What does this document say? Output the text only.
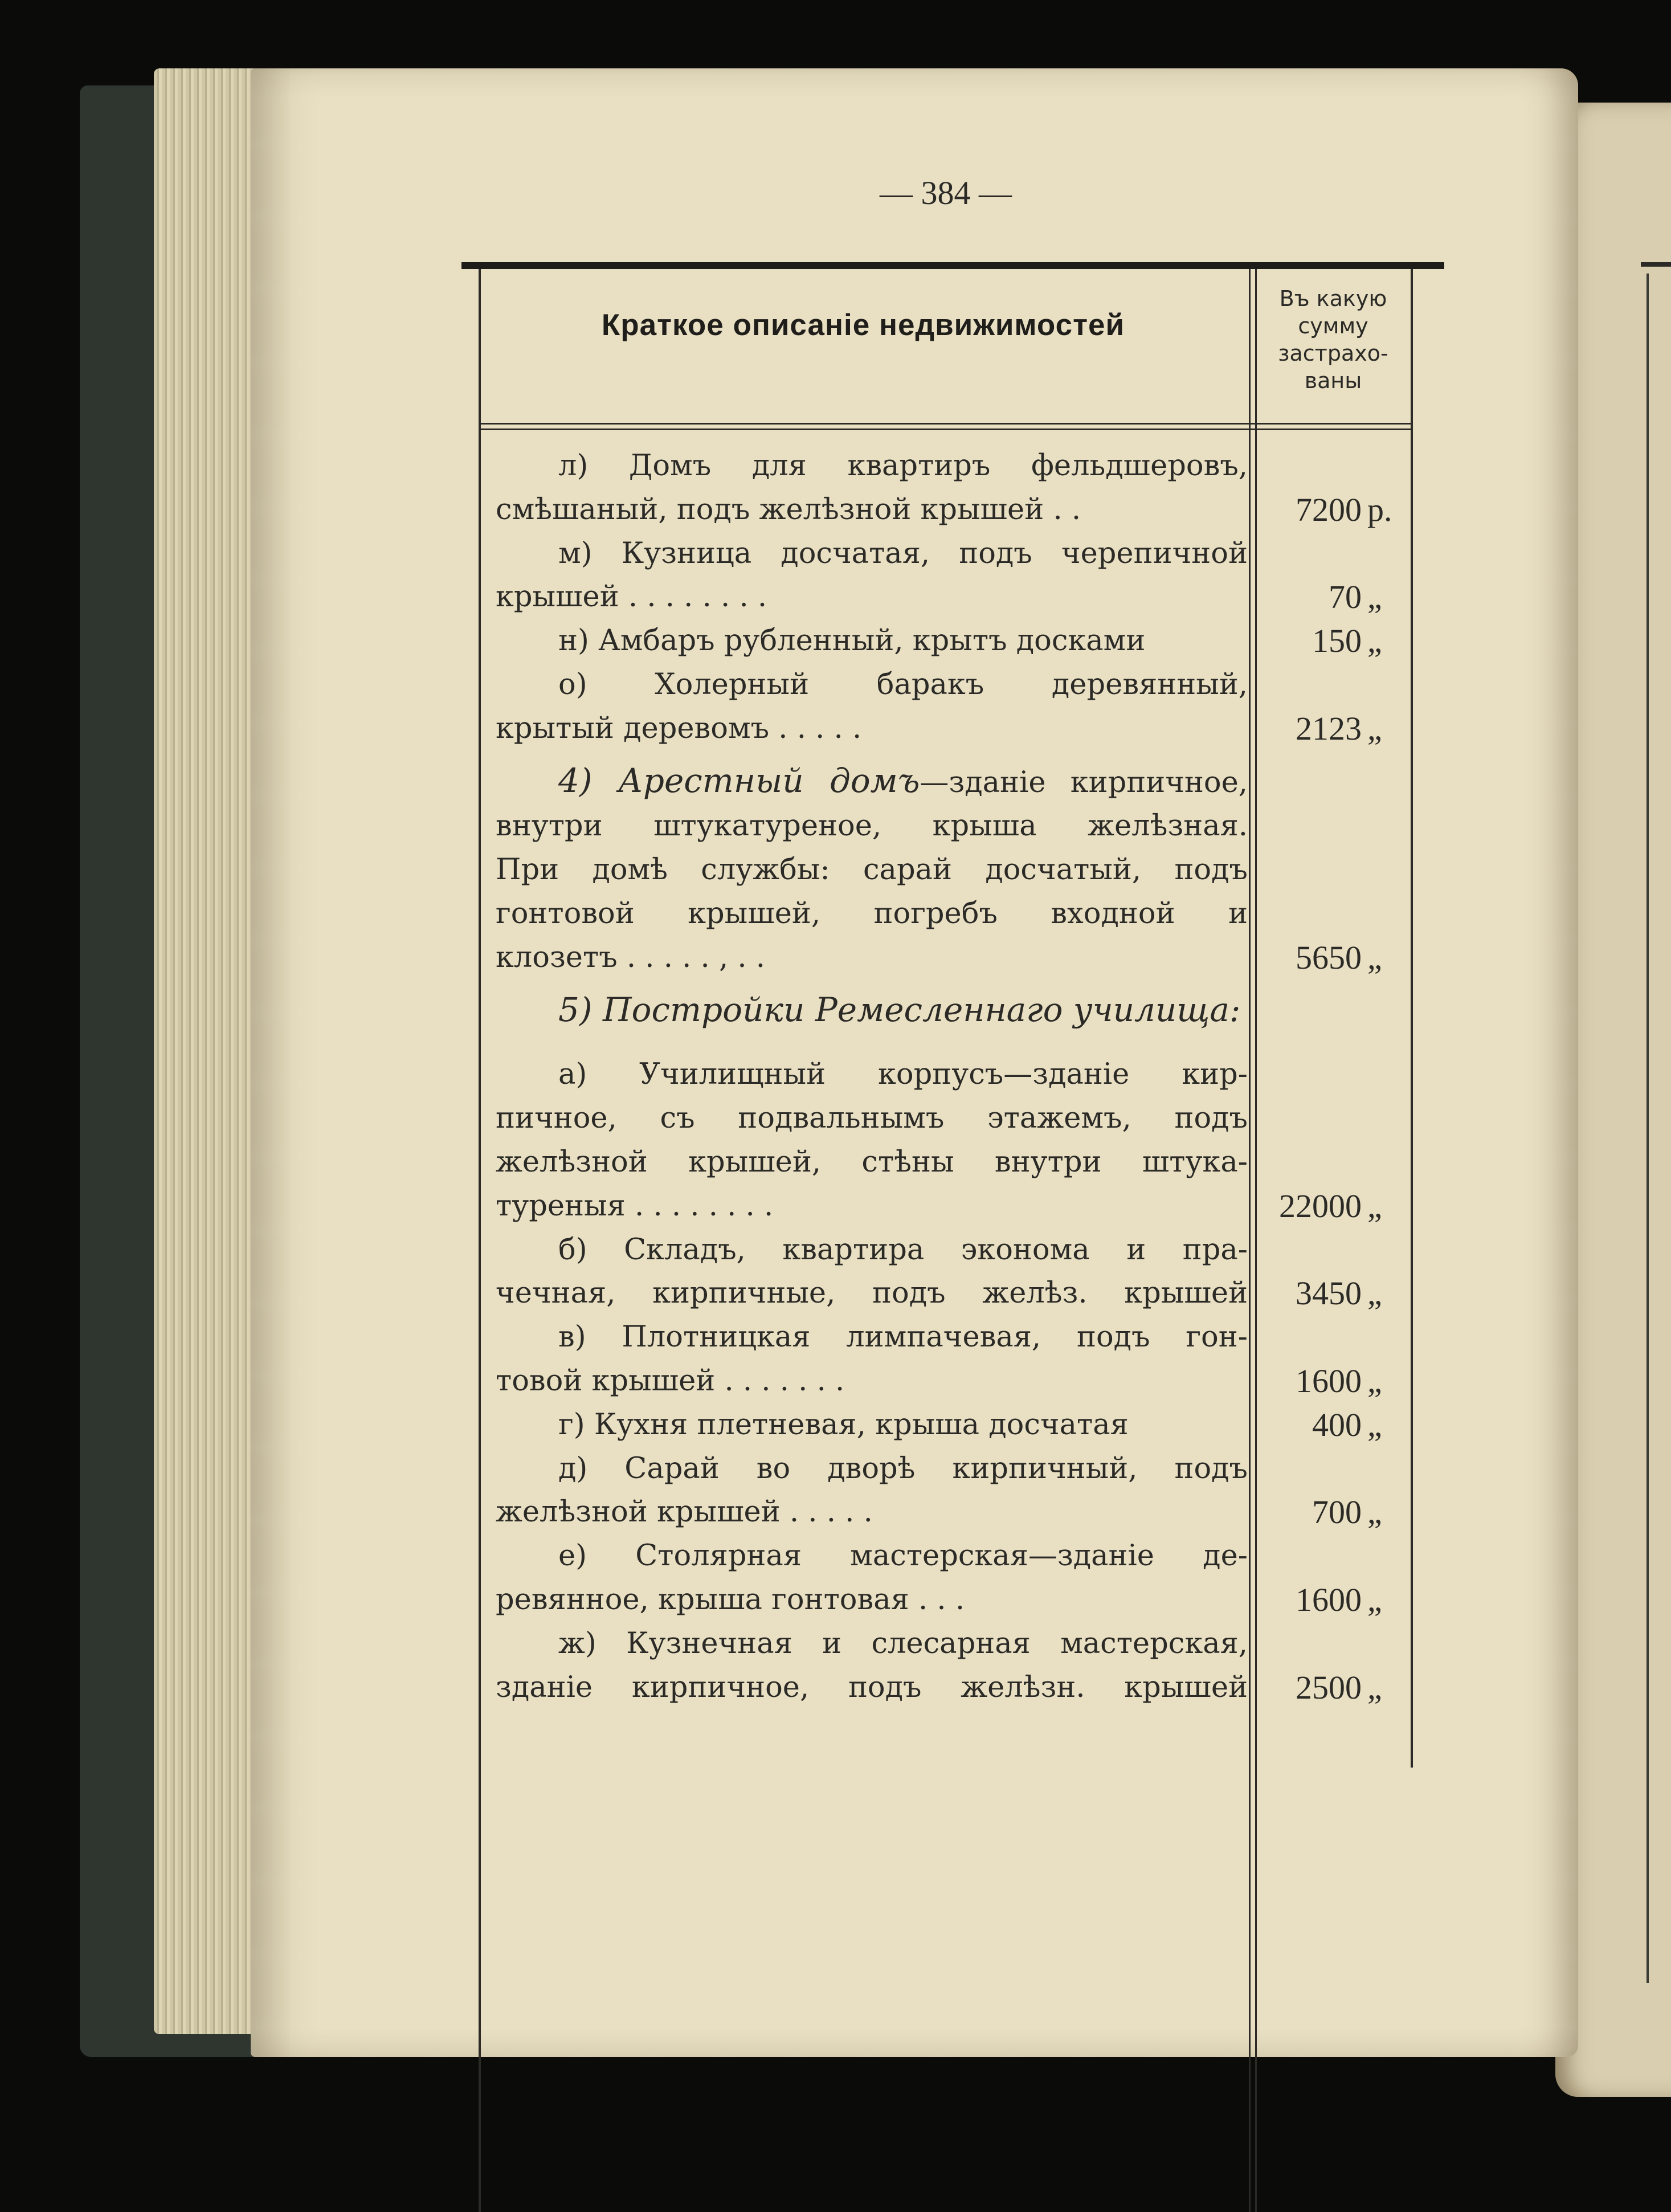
— 384 —
Краткое описаніе недвижимостей
Въ какую
сумму
застрахо-
ваны

л) Домъ для квартиръ фельдшеровъ,

смѣшаный, подъ желѣзной крышей . .	7200 р.

м) Кузница досчатая, подъ черепичной

крышей . . . . . . . .	70 „

н) Амбаръ рубленный, крытъ досками	150 „

о) Холерный баракъ деревянный,

крытый деревомъ . . . . .	2123 „

4) Арестный домъ—зданіе кирпичное,

внутри штукатуреное, крыша желѣзная.

При домѣ службы: сарай досчатый, подъ

гонтовой крышей, погребъ входной и

клозетъ . . . . . , . .	5650 „

5) Постройки Ремесленнаго училища:

а) Училищный корпусъ—зданіе кир-

пичное, съ подвальнымъ этажемъ, подъ

желѣзной крышей, стѣны внутри штука-

туреныя . . . . . . . .	22000 „

б) Складъ, квартира эконома и пра-

чечная, кирпичные, подъ желѣз. крышей	3450 „

в) Плотницкая лимпачевая, подъ гон-

товой крышей . . . . . . .	1600 „

г) Кухня плетневая, крыша досчатая	400 „

д) Сарай во дворѣ кирпичный, подъ

желѣзной крышей . . . . .	700 „

е) Столярная мастерская—зданіе де-

ревянное, крыша гонтовая . . .	1600 „

ж) Кузнечная и слесарная мастерская,

зданіе кирпичное, подъ желѣзн. крышей	2500 „
